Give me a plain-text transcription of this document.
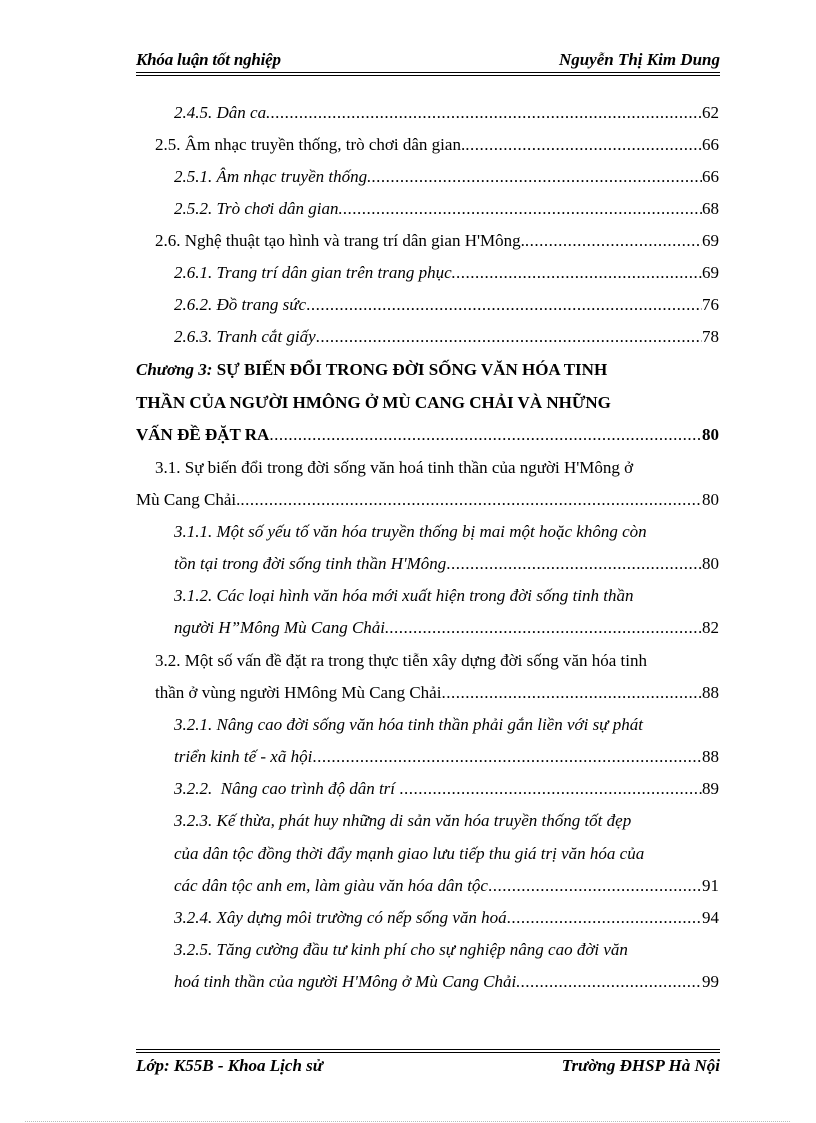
Khóa luận tốt nghiệp	Nguyễn Thị Kim Dung
2.4.5. Dân ca. .....	62
2.5. Âm nhạc truyền thống, trò chơi dân gian. .....	66
2.5.1. Âm nhạc truyền thống. .....	66
2.5.2. Trò chơi dân gian. .....	68
2.6. Nghệ thuật tạo hình và trang trí dân gian H'Mông. .....	69
2.6.1. Trang trí dân gian trên trang phục. .....	69
2.6.2. Đồ trang sức .....	76
2.6.3. Tranh cắt giấy .....	78
Chương 3: SỰ BIẾN ĐỔI TRONG ĐỜI SỐNG VĂN HÓA TINH
THẦN CỦA NGƯỜI HMÔNG Ở MÙ CANG CHẢI VÀ NHỮNG
VẤN ĐỀ ĐẶT RA .....	80
3.1. Sự biến đổi trong đời sống văn hoá tinh thần của người H'Mông ở
Mù Cang Chải. .....	80
3.1.1. Một số yếu tố văn hóa truyền thống bị mai một hoặc không còn
tồn tại trong đời sống tinh thần H'Mông .....	80
3.1.2. Các loại hình văn hóa mới xuất hiện trong đời sống tinh thần
người H”Mông Mù Cang Chải. .....	82
3.2. Một số vấn đề đặt ra trong thực tiễn xây dựng đời sống văn hóa tinh
thần ở vùng người HMông Mù Cang Chải .....	88
3.2.1. Nâng cao đời sống văn hóa tinh thần phải gắn liền với sự phát
triển kinh tế - xã hội .....	88
3.2.2.  Nâng cao trình độ dân trí .....	89
3.2.3. Kế thừa, phát huy những di sản văn hóa truyền thống tốt đẹp
của dân tộc đồng thời đẩy mạnh giao lưu tiếp thu giá trị văn hóa của
các dân tộc anh em, làm giàu văn hóa dân tộc .....	91
3.2.4. Xây dựng môi trường có nếp sống văn hoá .....	94
3.2.5. Tăng cường đầu tư kinh phí cho sự nghiệp nâng cao đời văn
hoá tinh thần của người H'Mông ở Mù Cang Chải. .....	99
Lớp: K55B - Khoa Lịch sử	Trường ĐHSP Hà Nội
